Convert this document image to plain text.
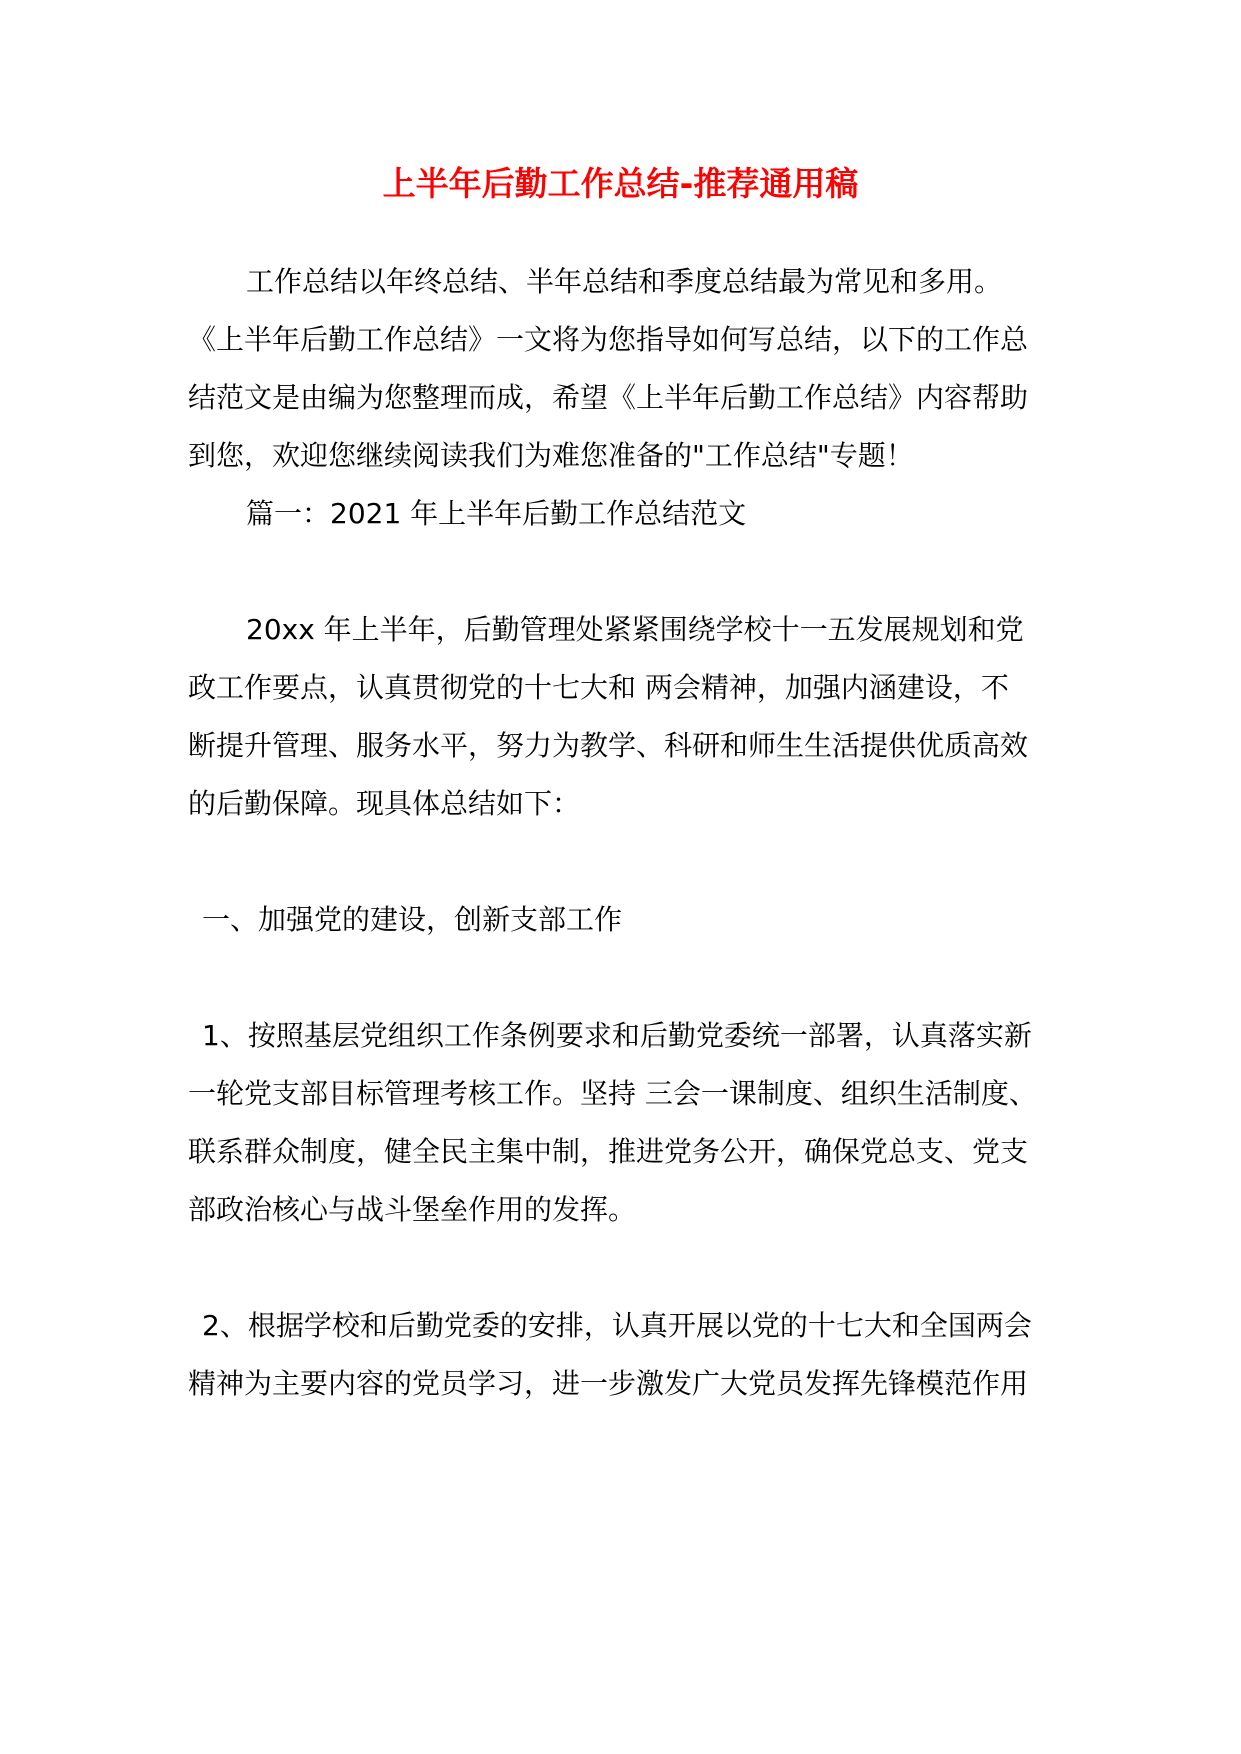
上半年后勤工作总结-推荐通用稿
工作总结以年终总结、半年总结和季度总结最为常见和多用。
《上半年后勤工作总结》一文将为您指导如何写总结，以下的工作总
结范文是由编为您整理而成，希望《上半年后勤工作总结》内容帮助
到您，欢迎您继续阅读我们为难您准备的"工作总结"专题！
篇一：2021 年上半年后勤工作总结范文
20xx 年上半年，后勤管理处紧紧围绕学校十一五发展规划和党
政工作要点，认真贯彻党的十七大和 两会精神，加强内涵建设，不
断提升管理、服务水平，努力为教学、科研和师生生活提供优质高效
的后勤保障。现具体总结如下：
一、加强党的建设，创新支部工作
1、按照基层党组织工作条例要求和后勤党委统一部署，认真落实新
一轮党支部目标管理考核工作。坚持 三会一课制度、组织生活制度、
联系群众制度，健全民主集中制，推进党务公开，确保党总支、党支
部政治核心与战斗堡垒作用的发挥。
2、根据学校和后勤党委的安排，认真开展以党的十七大和全国两会
精神为主要内容的党员学习，进一步激发广大党员发挥先锋模范作用
